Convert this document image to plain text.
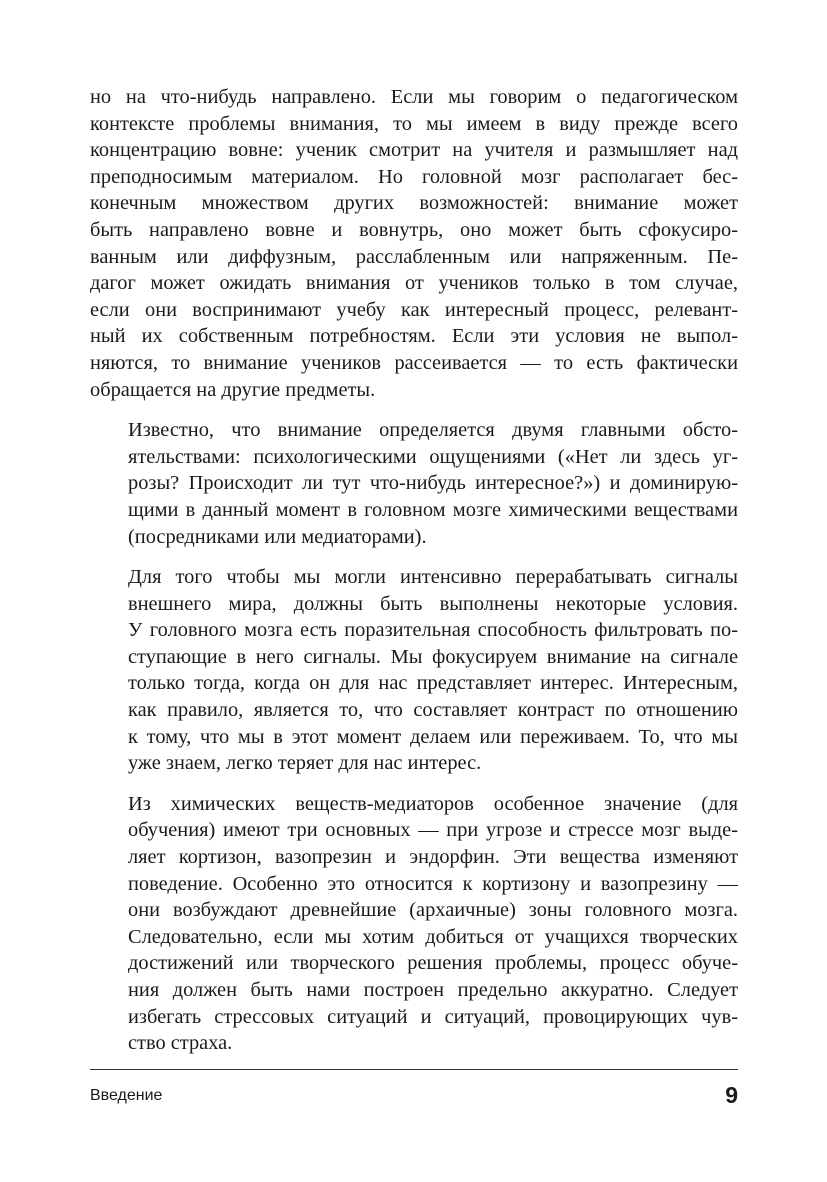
но на что-нибудь направлено. Если мы говорим о педагогическом
контексте проблемы внимания, то мы имеем в виду прежде всего
концентрацию вовне: ученик смотрит на учителя и размышляет над
преподносимым материалом. Но головной мозг располагает бес-
конечным множеством других возможностей: внимание может
быть направлено вовне и вовнутрь, оно может быть сфокусиро-
ванным или диффузным, расслабленным или напряженным. Пе-
дагог может ожидать внимания от учеников только в том случае,
если они воспринимают учебу как интересный процесс, релевант-
ный их собственным потребностям. Если эти условия не выпол-
няются, то внимание учеников рассеивается — то есть фактически
обращается на другие предметы.
Известно, что внимание определяется двумя главными обсто-
ятельствами: психологическими ощущениями («Нет ли здесь уг-
розы? Происходит ли тут что-нибудь интересное?») и доминирую-
щими в данный момент в головном мозге химическими веществами
(посредниками или медиаторами).
Для того чтобы мы могли интенсивно перерабатывать сигналы
внешнего мира, должны быть выполнены некоторые условия.
У головного мозга есть поразительная способность фильтровать по-
ступающие в него сигналы. Мы фокусируем внимание на сигнале
только тогда, когда он для нас представляет интерес. Интересным,
как правило, является то, что составляет контраст по отношению
к тому, что мы в этот момент делаем или переживаем. То, что мы
уже знаем, легко теряет для нас интерес.
Из химических веществ-медиаторов особенное значение (для
обучения) имеют три основных — при угрозе и стрессе мозг выде-
ляет кортизон, вазопрезин и эндорфин. Эти вещества изменяют
поведение. Особенно это относится к кортизону и вазопрезину —
они возбуждают древнейшие (архаичные) зоны головного мозга.
Следовательно, если мы хотим добиться от учащихся творческих
достижений или творческого решения проблемы, процесс обуче-
ния должен быть нами построен предельно аккуратно. Следует
избегать стрессовых ситуаций и ситуаций, провоцирующих чув-
ство страха.
Введение	9
